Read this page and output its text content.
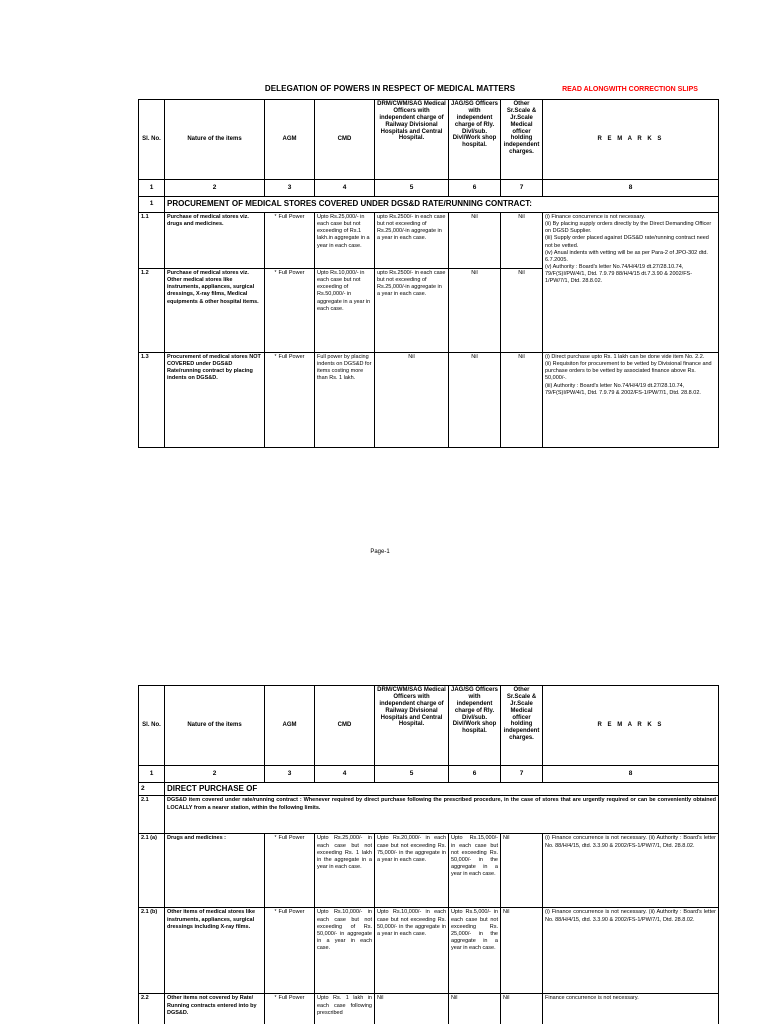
DELEGATION OF POWERS IN RESPECT OF MEDICAL MATTERS	READ ALONGWITH CORRECTION SLIPS
Sl. No.	Nature of the items	AGM	CMD	DRM/CWM/SAG Medical Officers with independent charge of Railway Divisional Hospitals and Central Hospital.	JAG/SG Officers with independent charge of Rly. Divl/sub. Divl/Work shop hospital.	Other Sr.Scale & Jr.Scale Medical officer holding independent charges.	R E M A R K S
1	2	3	4	5	6	7	8
1	PROCUREMENT OF MEDICAL STORES COVERED UNDER DGS&D RATE/RUNNING CONTRACT:						
1.1	Purchase of medical stores viz. drugs and medicines.	* Full Power	Upto Rs.25,000/- in each case but not exceeding of Rs.1 lakh.in aggregate in a year in each case.	upto Rs.2500/- in each case but not exceeding of Rs.25,000/-in aggregate in a year in each case.	Nil	Nil	(i) Finance concurrence is not necessary.
(ii) By placing supply orders directly by the Direct Demanding Officer on DGSD Supplier.
(iii) Supply order placed against DGS&D rate/running contract need not be vetted.
(iv) Anual indents with vetting will be as per Para-2 of JPO-302 dtd. 6.7.2005.
(v) Authority : Board's letter No.74/H/4/19 dt.27/28.10.74, 79/F(S)I/PW/4/1, Dtd. 7.9.79 88/H/4/15 dt.7.3.90 & 2002/FS-1/PW/7/1, Dtd. 28.8.02.
1.2	Purchase of medical stores viz. Other medical stores like instruments, appliances, surgical dressings, X-ray films, Medical equipments & other hospital items.	* Full Power	Upto Rs.10,000/- in each case but not exceeding of Rs.50,000/- in aggregate in a year in each case.	upto Rs.2500/- in each case but not exceeding of Rs.25,000/-in aggregate in a year in each case.	Nil	Nil	
1.3	Procurement of medical stores NOT COVERED under DGS&D Rate/running contract by placing indents on DGS&D.	* Full Power	Full power by placing indents on DGS&D for items costing more than Rs. 1 lakh.	Nil	Nil	Nil	(i) Direct purchase upto Rs. 1 lakh can be done vide item No. 2.2.
(ii) Requisiton for procurement to be vetted by Divisional finance and purchase orders to be vetted by associated finance above Rs. 50,000/-.
(iii) Authority : Board's letter No.74/H/4/19 dt.27/28.10.74, 79/F(S)I/PW/4/1, Dtd. 7.9.79 & 2002/FS-1/PW/7/1, Dtd. 28.8.02.
Page-1
Sl. No.	Nature of the items	AGM	CMD	DRM/CWM/SAG Medical Officers with independent charge of Railway Divisional Hospitals and Central Hospital.	JAG/SG Officers with independent charge of Rly. Divl/sub. Divl/Work shop hospital.	Other Sr.Scale & Jr.Scale Medical officer holding independent charges.	R E M A R K S
1	2	3	4	5	6	7	8
2	DIRECT PURCHASE OF						
2.1	DGS&D item covered under rate/running contract : Whenever required by direct purchase following the prescribed procedure, in the case of stores that are urgently required or can be conveniently obtained LOCALLY from a nearer station, within the following limits.						
2.1 (a)	Drugs and medicines :	* Full Power	Upto Rs.25,000/- in each case but not exceeding Rs. 1 lakh in the aggregate in a year in each case.	Upto Rs.20,000/- in each case but not exceeding Rs. 75,000/- in the aggregate in a year in each case.	Upto Rs.15,000/- in each case but not exceeding Rs. 50,000/- in the aggregate in a year in each case.	Nil	(i) Finance concurrence is not necessary. (ii) Authority : Board's letter No. 88/H/4/15, dtd. 3.3.90 & 2002/FS-1/PW/7/1, Dtd. 28.8.02.
2.1 (b)	Other items of medical stores like instruments, appliances, surgical dressings including X-ray films.	* Full Power	Upto Rs.10,000/- in each case but not exceeding of Rs. 50,000/- in aggregate in a year in each case.	Upto Rs.10,000/- in each case but not exceeding Rs. 50,000/- in the aggregate in a year in each case.	Upto Rs.5,000/- in each case but not exceeding Rs. 25,000/- in the aggregate in a year in each case.	Nil	(i) Finance concurrence is not necessary. (ii) Authority : Board's letter No. 88/H/4/15, dtd. 3.3.90 & 2002/FS-1/PW/7/1, Dtd. 28.8.02.
2.2	Other items not covered by Rate/ Running contracts entered into by DGS&D.	* Full Power	Upto Rs. 1 lakh in each case following prescribed	Nil	Nil	Nil	Finance concurrence is not necessary.
